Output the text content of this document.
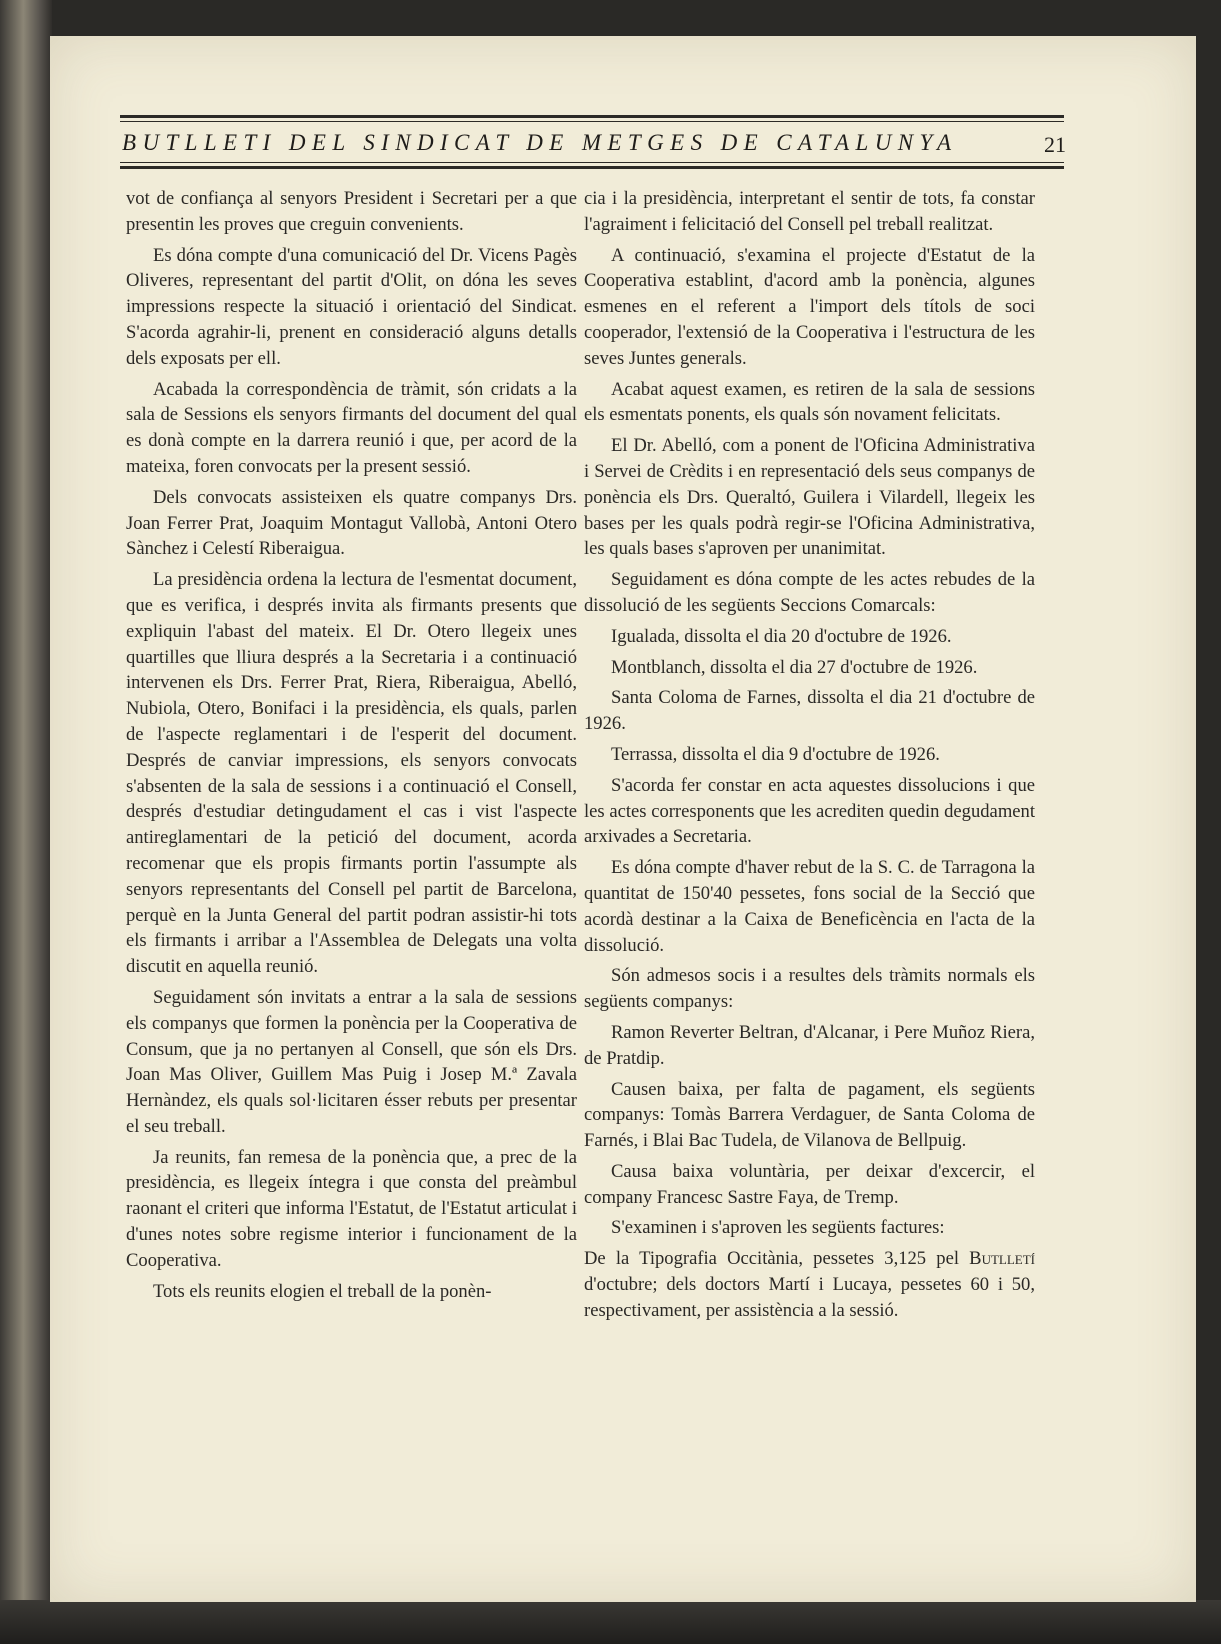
BUTLLETI DEL SINDICAT DE METGES DE CATALUNYA	21

vot de confiança al senyors President i Secretari per a que presentin les proves que creguin convenients.

Es dóna compte d'una comunicació del Dr. Vicens Pagès Oliveres, representant del partit d'Olit, on dóna les seves impressions respecte la situació i orientació del Sindicat. S'acorda agrahir-li, prenent en consideració alguns detalls dels exposats per ell.

Acabada la correspondència de tràmit, són cridats a la sala de Sessions els senyors firmants del document del qual es donà compte en la darrera reunió i que, per acord de la mateixa, foren convocats per la present sessió.

Dels convocats assisteixen els quatre companys Drs. Joan Ferrer Prat, Joaquim Montagut Vallobà, Antoni Otero Sànchez i Celestí Riberaigua.

La presidència ordena la lectura de l'esmentat document, que es verifica, i després invita als firmants presents que expliquin l'abast del mateix. El Dr. Otero llegeix unes quartilles que lliura després a la Secretaria i a continuació intervenen els Drs. Ferrer Prat, Riera, Riberaigua, Abelló, Nubiola, Otero, Bonifaci i la presidència, els quals, parlen de l'aspecte reglamentari i de l'esperit del document. Després de canviar impressions, els senyors convocats s'absenten de la sala de sessions i a continuació el Consell, després d'estudiar detingudament el cas i vist l'aspecte antireglamentari de la petició del document, acorda recomenar que els propis firmants portin l'assumpte als senyors representants del Consell pel partit de Barcelona, perquè en la Junta General del partit podran assistir-hi tots els firmants i arribar a l'Assemblea de Delegats una volta discutit en aquella reunió.

Seguidament són invitats a entrar a la sala de sessions els companys que formen la ponència per la Cooperativa de Consum, que ja no pertanyen al Consell, que són els Drs. Joan Mas Oliver, Guillem Mas Puig i Josep M.ª Zavala Hernàndez, els quals sol·licitaren ésser rebuts per presentar el seu treball.

Ja reunits, fan remesa de la ponència que, a prec de la presidència, es llegeix íntegra i que consta del preàmbul raonant el criteri que informa l'Estatut, de l'Estatut articulat i d'unes notes sobre regisme interior i funcionament de la Cooperativa.

Tots els reunits elogien el treball de la ponèn-

cia i la presidència, interpretant el sentir de tots, fa constar l'agraiment i felicitació del Consell pel treball realitzat.

A continuació, s'examina el projecte d'Estatut de la Cooperativa establint, d'acord amb la ponència, algunes esmenes en el referent a l'import dels títols de soci cooperador, l'extensió de la Cooperativa i l'estructura de les seves Juntes generals.

Acabat aquest examen, es retiren de la sala de sessions els esmentats ponents, els quals són novament felicitats.

El Dr. Abelló, com a ponent de l'Oficina Administrativa i Servei de Crèdits i en representació dels seus companys de ponència els Drs. Queraltó, Guilera i Vilardell, llegeix les bases per les quals podrà regir-se l'Oficina Administrativa, les quals bases s'aproven per unanimitat.

Seguidament es dóna compte de les actes rebudes de la dissolució de les següents Seccions Comarcals:

Igualada, dissolta el dia 20 d'octubre de 1926.

Montblanch, dissolta el dia 27 d'octubre de 1926.

Santa Coloma de Farnes, dissolta el dia 21 d'octubre de 1926.

Terrassa, dissolta el dia 9 d'octubre de 1926.

S'acorda fer constar en acta aquestes dissolucions i que les actes corresponents que les acrediten quedin degudament arxivades a Secretaria.

Es dóna compte d'haver rebut de la S. C. de Tarragona la quantitat de 150'40 pessetes, fons social de la Secció que acordà destinar a la Caixa de Beneficència en l'acta de la dissolució.

Són admesos socis i a resultes dels tràmits normals els següents companys:

Ramon Reverter Beltran, d'Alcanar, i Pere Muñoz Riera, de Pratdip.

Causen baixa, per falta de pagament, els següents companys: Tomàs Barrera Verdaguer, de Santa Coloma de Farnés, i Blai Bac Tudela, de Vilanova de Bellpuig.

Causa baixa voluntària, per deixar d'excercir, el company Francesc Sastre Faya, de Tremp.

S'examinen i s'aproven les següents factures:

De la Tipografia Occitània, pessetes 3,125 pel Butlletí d'octubre; dels doctors Martí i Lucaya, pessetes 60 i 50, respectivament, per assistència a la sessió.
